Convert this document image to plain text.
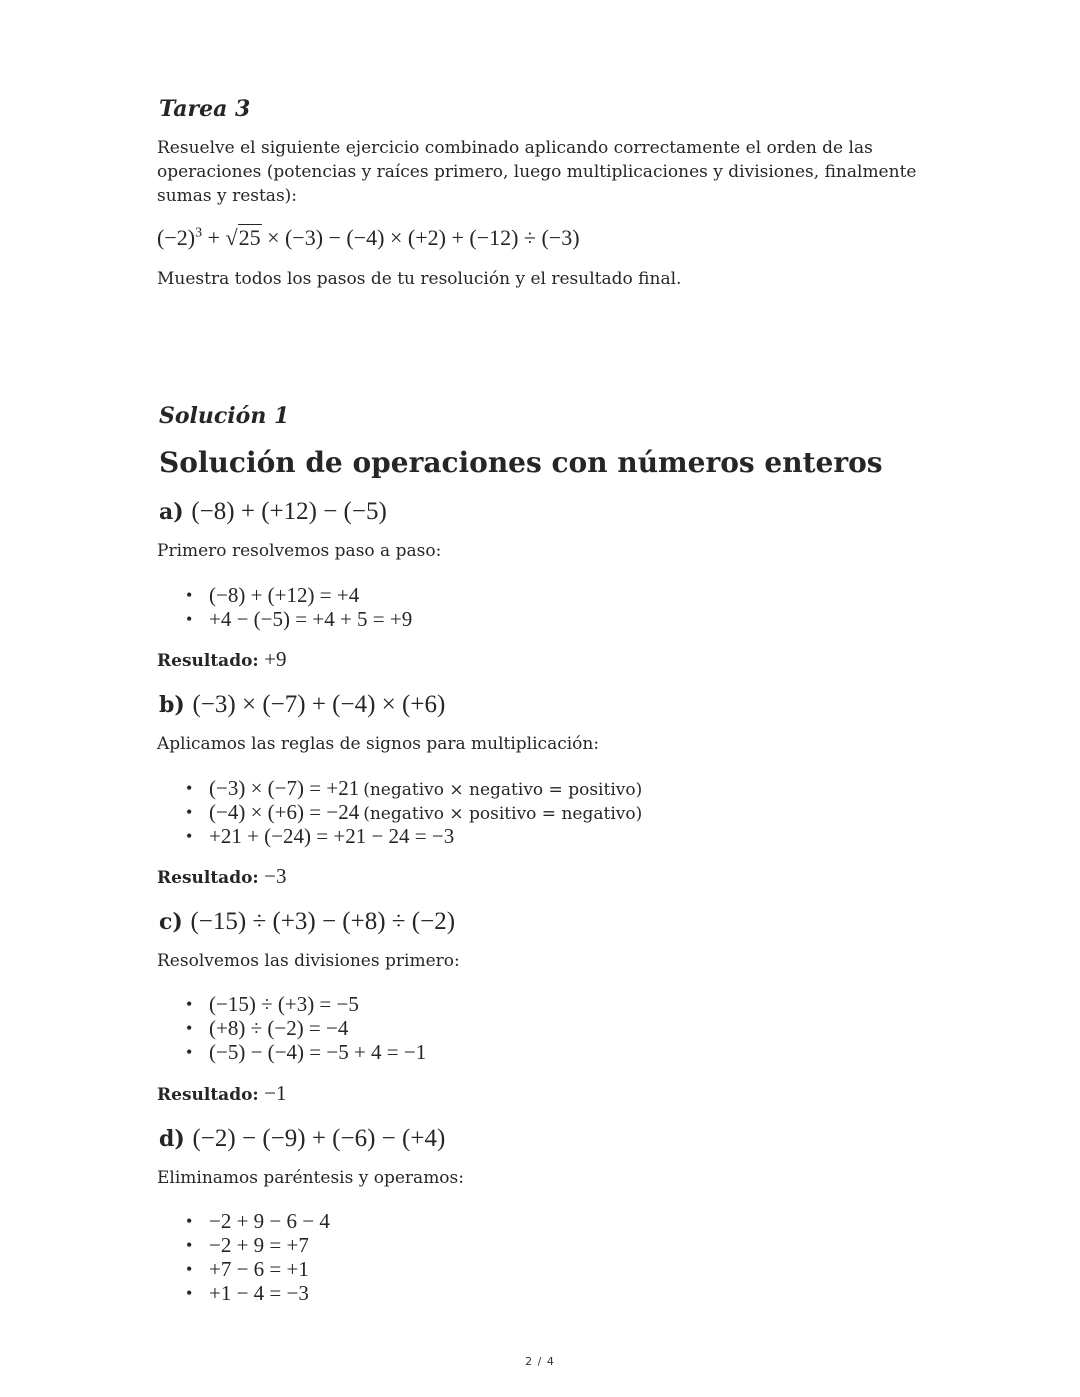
Tarea 3
Resuelve el siguiente ejercicio combinado aplicando correctamente el orden de las operaciones (potencias y raíces primero, luego multiplicaciones y divisiones, finalmente sumas y restas):
$(-2)^3 + √25 \times (-3) - (-4) \times (+2) + (-12) \div (-3)$
Muestra todos los pasos de tu resolución y el resultado final.
Solución 1
Solución de operaciones con números enteros
a) (−8) + (+12) − (−5)
Primero resolvemos paso a paso:
• (−8) + (+12) = +4
• +4 − (−5) = +4 + 5 = +9
Resultado: +9
b) (−3) × (−7) + (−4) × (+6)
Aplicamos las reglas de signos para multiplicación:
• (−3) × (−7) = +21 (negativo × negativo = positivo)
• (−4) × (+6) = −24 (negativo × positivo = negativo)
• +21 + (−24) = +21 − 24 = −3
Resultado: −3
c) (−15) ÷ (+3) − (+8) ÷ (−2)
Resolvemos las divisiones primero:
• (−15) ÷ (+3) = −5
• (+8) ÷ (−2) = −4
• (−5) − (−4) = −5 + 4 = −1
Resultado: −1
d) (−2) − (−9) + (−6) − (+4)
Eliminamos paréntesis y operamos:
• −2 + 9 − 6 − 4
• −2 + 9 = +7
• +7 − 6 = +1
• +1 − 4 = −3
2 / 4
